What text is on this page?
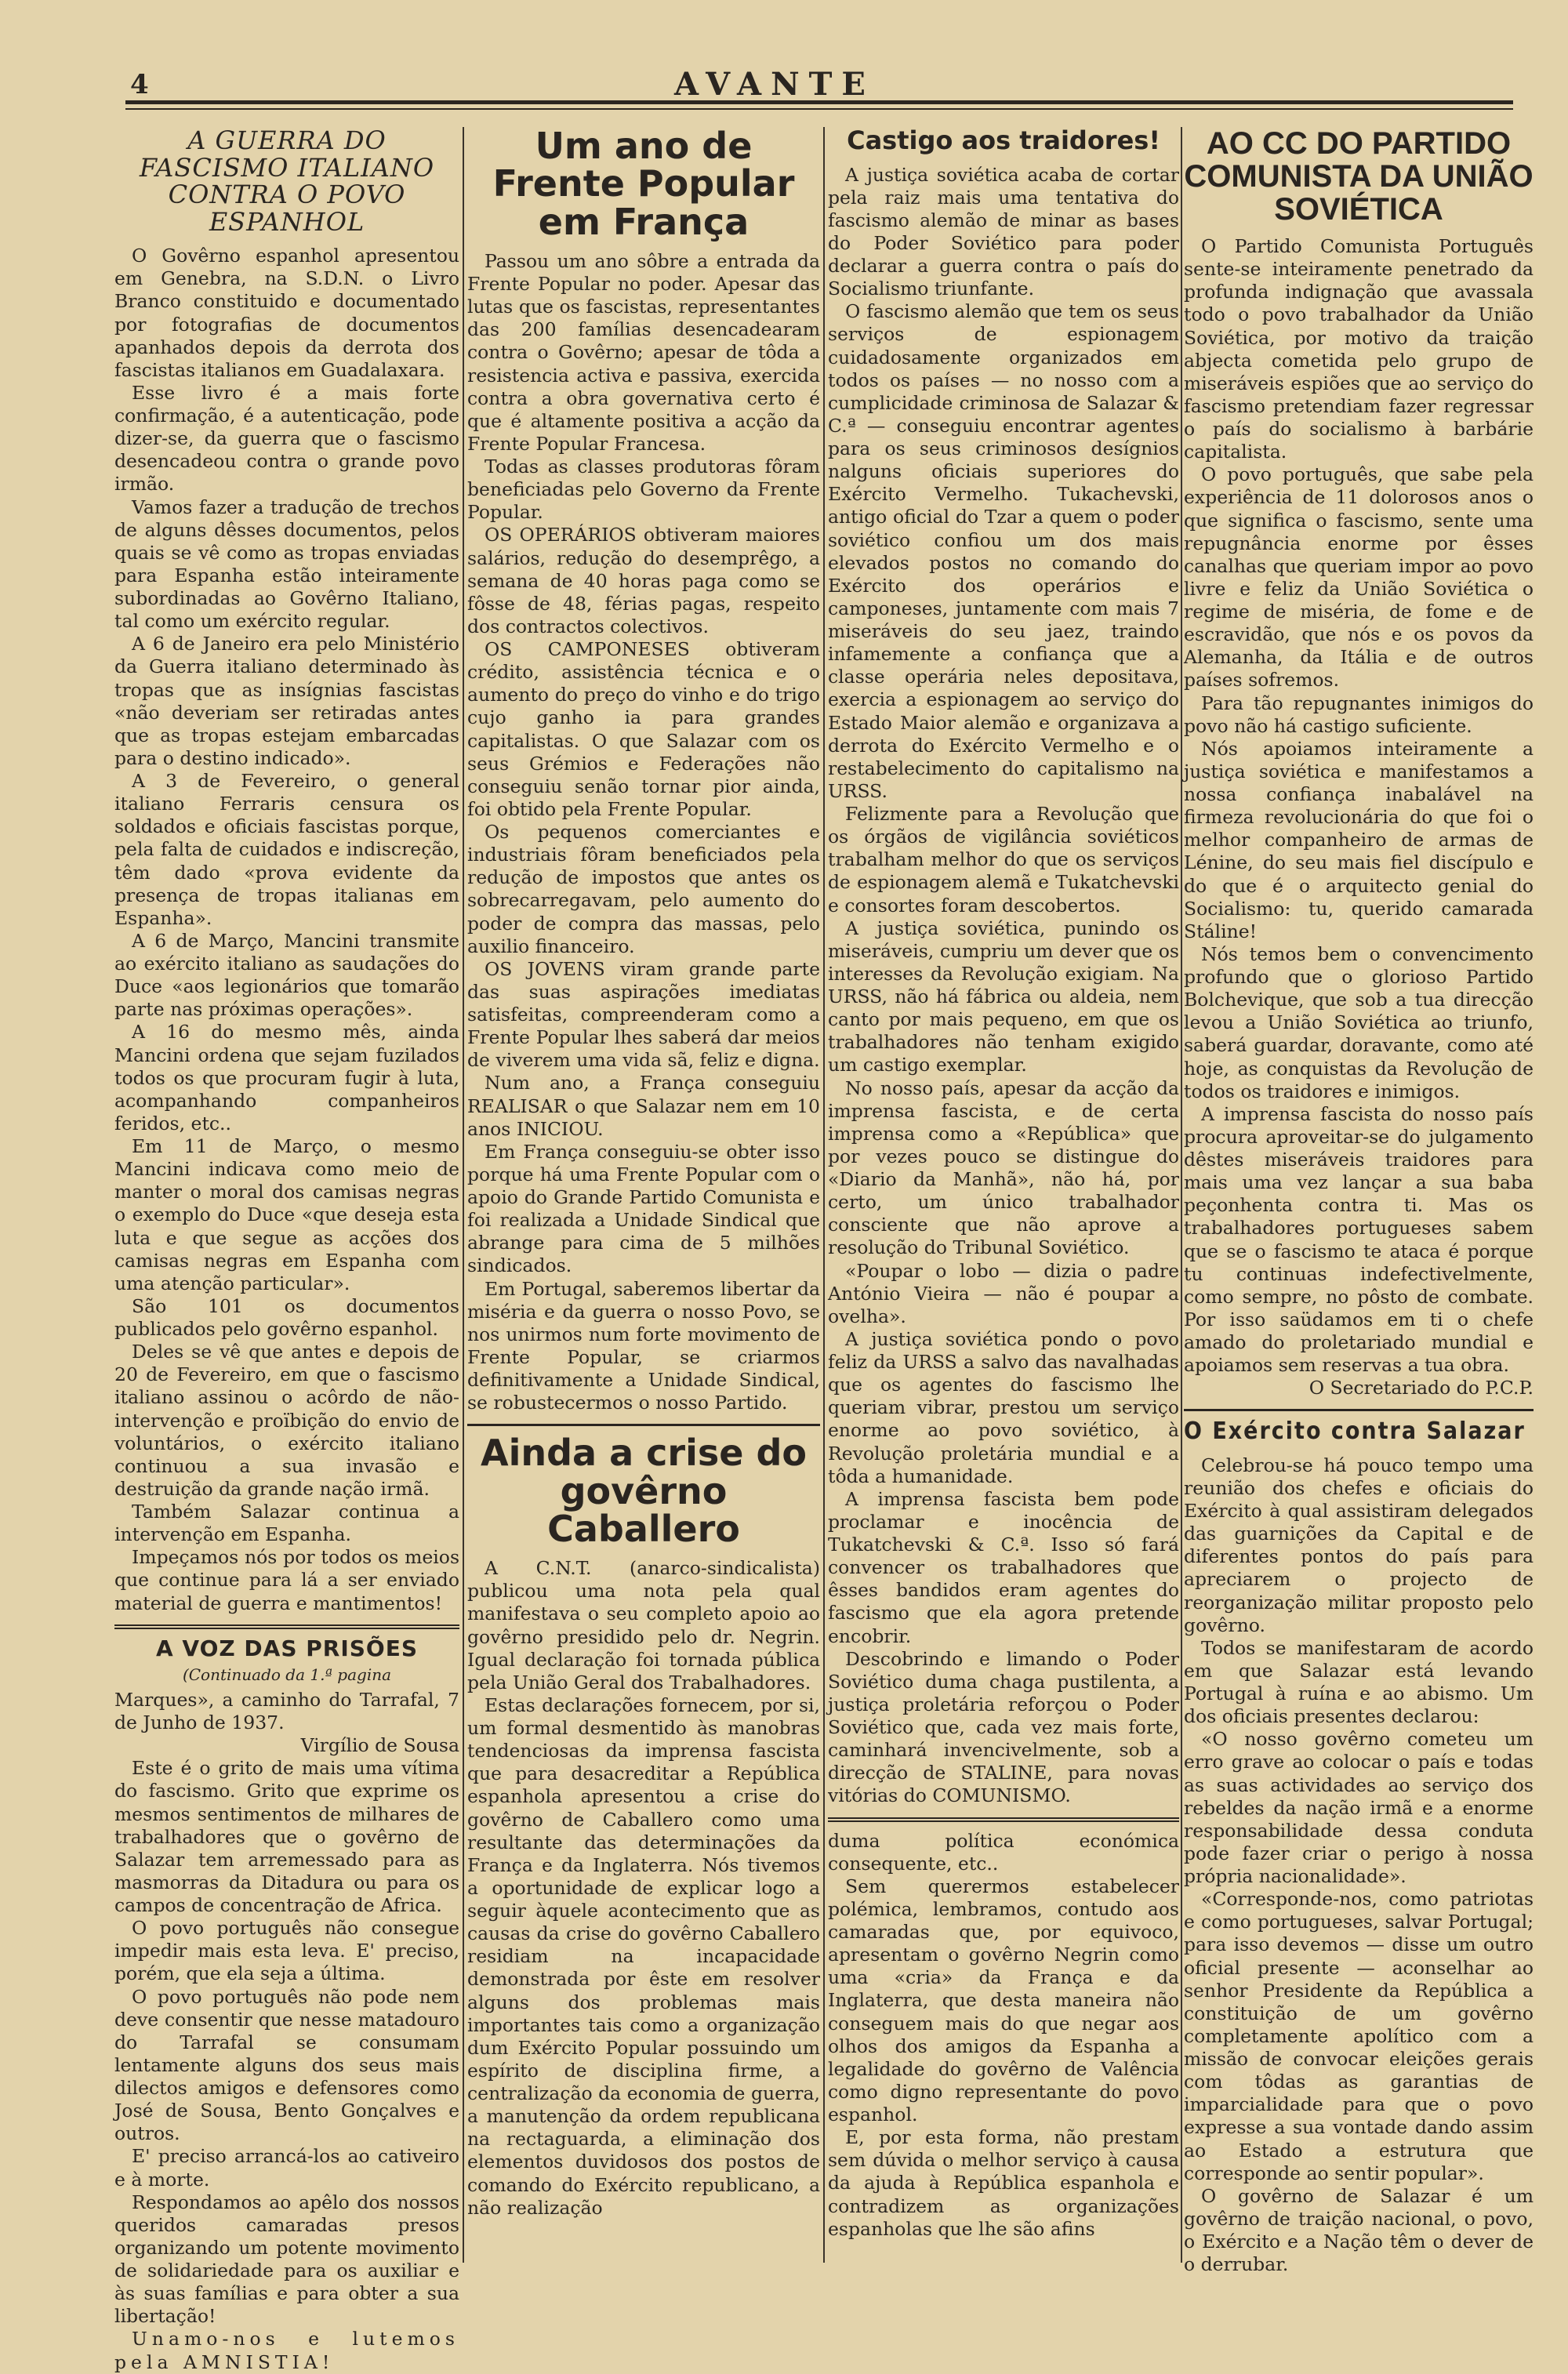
4	AVANTE
A GUERRA DO FASCISMO ITALIANO CONTRA O POVO ESPANHOL

O Govêrno espanhol apresentou em Genebra, na S.D.N. o Livro Branco constituido e documentado por fotografias de documentos apanhados depois da derrota dos fascistas italianos em Guadalaxara.

Esse livro é a mais forte confirmação, é a autenticação, pode dizer-se, da guerra que o fascismo desencadeou contra o grande povo irmão.

Vamos fazer a tradução de trechos de alguns dêsses documentos, pelos quais se vê como as tropas enviadas para Espanha estão inteiramente subordinadas ao Govêrno Italiano, tal como um exército regular.

A 6 de Janeiro era pelo Ministério da Guerra italiano determinado às tropas que as insígnias fascistas «não deveriam ser retiradas antes que as tropas estejam embarcadas para o destino indicado».

A 3 de Fevereiro, o general italiano Ferraris censura os soldados e oficiais fascistas porque, pela falta de cuidados e indiscreção, têm dado «prova evidente da presença de tropas italianas em Espanha».

A 6 de Março, Mancini transmite ao exército italiano as saudações do Duce «aos legionários que tomarão parte nas próximas operações».

A 16 do mesmo mês, ainda Mancini ordena que sejam fuzilados todos os que procuram fugir à luta, acompanhando companheiros feridos, etc..

Em 11 de Março, o mesmo Mancini indicava como meio de manter o moral dos camisas negras o exemplo do Duce «que deseja esta luta e que segue as acções dos camisas negras em Espanha com uma atenção particular».

São 101 os documentos publicados pelo govêrno espanhol.

Deles se vê que antes e depois de 20 de Fevereiro, em que o fascismo italiano assinou o acôrdo de não-intervenção e proïbição do envio de voluntários, o exército italiano continuou a sua invasão e destruição da grande nação irmã.

Também Salazar continua a intervenção em Espanha.

Impeçamos nós por todos os meios que continue para lá a ser enviado material de guerra e mantimentos!

A VOZ DAS PRISÕES
(Continuado da 1.ª pagina

Marques», a caminho do Tarrafal, 7 de Junho de 1937.

Virgílio de Sousa

Este é o grito de mais uma vítima do fascismo. Grito que exprime os mesmos sentimentos de milhares de trabalhadores que o govêrno de Salazar tem arremessado para as masmorras da Ditadura ou para os campos de concentração de Africa.

O povo português não consegue impedir mais esta leva. E' preciso, porém, que ela seja a última.

O povo português não pode nem deve consentir que nesse matadouro do Tarrafal se consumam lentamente alguns dos seus mais dilectos amigos e defensores como José de Sousa, Bento Gonçalves e outros.

E' preciso arrancá-los ao cativeiro e à morte.

Respondamos ao apêlo dos nossos queridos camaradas presos organizando um potente movimento de solidariedade para os auxiliar e às suas famílias e para obter a sua libertação!

Unamo-nos e lutemos pela AMNISTIA!

Um ano de Frente Popular em França

Passou um ano sôbre a entrada da Frente Popular no poder. Apesar das lutas que os fascistas, representantes das 200 famílias desencadearam contra o Govêrno; apesar de tôda a resistencia activa e passiva, exercida contra a obra governativa certo é que é altamente positiva a acção da Frente Popular Francesa.

Todas as classes produtoras fôram beneficiadas pelo Governo da Frente Popular.

OS OPERÁRIOS obtiveram maiores salários, redução do desemprêgo, a semana de 40 horas paga como se fôsse de 48, férias pagas, respeito dos contractos colectivos.

OS CAMPONESES obtiveram crédito, assistência técnica e o aumento do preço do vinho e do trigo cujo ganho ia para grandes capitalistas. O que Salazar com os seus Grémios e Federações não conseguiu senão tornar pior ainda, foi obtido pela Frente Popular.

Os pequenos comerciantes e industriais fôram beneficiados pela redução de impostos que antes os sobrecarregavam, pelo aumento do poder de compra das massas, pelo auxilio financeiro.

OS JOVENS viram grande parte das suas aspirações imediatas satisfeitas, compreenderam como a Frente Popular lhes saberá dar meios de viverem uma vida sã, feliz e digna.

Num ano, a França conseguiu REALISAR o que Salazar nem em 10 anos INICIOU.

Em França conseguiu-se obter isso porque há uma Frente Popular com o apoio do Grande Partido Comunista e foi realizada a Unidade Sindical que abrange para cima de 5 milhões sindicados.

Em Portugal, saberemos libertar da miséria e da guerra o nosso Povo, se nos unirmos num forte movimento de Frente Popular, se criarmos definitivamente a Unidade Sindical, se robustecermos o nosso Partido.

Ainda a crise do govêrno Caballero

A C.N.T. (anarco-sindicalista) publicou uma nota pela qual manifestava o seu completo apoio ao govêrno presidido pelo dr. Negrin. Igual declaração foi tornada pública pela União Geral dos Trabalhadores.

Estas declarações fornecem, por si, um formal desmentido às manobras tendenciosas da imprensa fascista que para desacreditar a República espanhola apresentou a crise do govêrno de Caballero como uma resultante das determinações da França e da Inglaterra. Nós tivemos a oportunidade de explicar logo a seguir àquele acontecimento que as causas da crise do govêrno Caballero residiam na incapacidade demonstrada por êste em resolver alguns dos problemas mais importantes tais como a organização dum Exército Popular possuindo um espírito de disciplina firme, a centralização da economia de guerra, a manutenção da ordem republicana na rectaguarda, a eliminação dos elementos duvidosos dos postos de comando do Exército republicano, a não realização

Castigo aos traidores!

A justiça soviética acaba de cortar pela raiz mais uma tentativa do fascismo alemão de minar as bases do Poder Soviético para poder declarar a guerra contra o país do Socialismo triunfante.

O fascismo alemão que tem os seus serviços de espionagem cuidadosamente organizados em todos os países — no nosso com a cumplicidade criminosa de Salazar & C.ª — conseguiu encontrar agentes para os seus criminosos desígnios nalguns oficiais superiores do Exército Vermelho. Tukachevski, antigo oficial do Tzar a quem o poder soviético confiou um dos mais elevados postos no comando do Exército dos operários e camponeses, juntamente com mais 7 miseráveis do seu jaez, traindo infamemente a confiança que a classe operária neles depositava, exercia a espionagem ao serviço do Estado Maior alemão e organizava a derrota do Exército Vermelho e o restabelecimento do capitalismo na URSS.

Felizmente para a Revolução que os órgãos de vigilância soviéticos trabalham melhor do que os serviços de espionagem alemã e Tukatchevski e consortes foram descobertos.

A justiça soviética, punindo os miseráveis, cumpriu um dever que os interesses da Revolução exigiam. Na URSS, não há fábrica ou aldeia, nem canto por mais pequeno, em que os trabalhadores não tenham exigido um castigo exemplar.

No nosso país, apesar da acção da imprensa fascista, e de certa imprensa como a «República» que por vezes pouco se distingue do «Diario da Manhã», não há, por certo, um único trabalhador consciente que não aprove a resolução do Tribunal Soviético.

«Poupar o lobo — dizia o padre António Vieira — não é poupar a ovelha».

A justiça soviética pondo o povo feliz da URSS a salvo das navalhadas que os agentes do fascismo lhe queriam vibrar, prestou um serviço enorme ao povo soviético, à Revolução proletária mundial e a tôda a humanidade.

A imprensa fascista bem pode proclamar e inocência de Tukatchevski & C.ª. Isso só fará convencer os trabalhadores que êsses bandidos eram agentes do fascismo que ela agora pretende encobrir.

Descobrindo e limando o Poder Soviético duma chaga pustilenta, a justiça proletária reforçou o Poder Soviético que, cada vez mais forte, caminhará invencivelmente, sob a direcção de STALINE, para novas vitórias do COMUNISMO.

duma política económica consequente, etc..

Sem querermos estabelecer polémica, lembramos, contudo aos camaradas que, por equivoco, apresentam o govêrno Negrin como uma «cria» da França e da Inglaterra, que desta maneira não conseguem mais do que negar aos olhos dos amigos da Espanha a legalidade do govêrno de Valência como digno representante do povo espanhol.

E, por esta forma, não prestam sem dúvida o melhor serviço à causa da ajuda à República espanhola e contradizem as organizações espanholas que lhe são afins

AO CC DO PARTIDO COMUNISTA DA UNIÃO SOVIÉTICA

O Partido Comunista Português sente-se inteiramente penetrado da profunda indignação que avassala todo o povo trabalhador da União Soviética, por motivo da traição abjecta cometida pelo grupo de miseráveis espiões que ao serviço do fascismo pretendiam fazer regressar o país do socialismo à barbárie capitalista.

O povo português, que sabe pela experiência de 11 dolorosos anos o que significa o fascismo, sente uma repugnância enorme por êsses canalhas que queriam impor ao povo livre e feliz da União Soviética o regime de miséria, de fome e de escravidão, que nós e os povos da Alemanha, da Itália e de outros países sofremos.

Para tão repugnantes inimigos do povo não há castigo suficiente.

Nós apoiamos inteiramente a justiça soviética e manifestamos a nossa confiança inabalável na firmeza revolucionária do que foi o melhor companheiro de armas de Lénine, do seu mais fiel discípulo e do que é o arquitecto genial do Socialismo: tu, querido camarada Stáline!

Nós temos bem o convencimento profundo que o glorioso Partido Bolchevique, que sob a tua direcção levou a União Soviética ao triunfo, saberá guardar, doravante, como até hoje, as conquistas da Revolução de todos os traidores e inimigos.

A imprensa fascista do nosso país procura aproveitar-se do julgamento dêstes miseráveis traidores para mais uma vez lançar a sua baba peçonhenta contra ti. Mas os trabalhadores portugueses sabem que se o fascismo te ataca é porque tu continuas indefectivelmente, como sempre, no pôsto de combate. Por isso saüdamos em ti o chefe amado do proletariado mundial e apoiamos sem reservas a tua obra.

O Secretariado do P.C.P.

O Exército contra Salazar

Celebrou-se há pouco tempo uma reunião dos chefes e oficiais do Exército à qual assistiram delegados das guarnições da Capital e de diferentes pontos do país para apreciarem o projecto de reorganização militar proposto pelo govêrno.

Todos se manifestaram de acordo em que Salazar está levando Portugal à ruína e ao abismo. Um dos oficiais presentes declarou:

«O nosso govêrno cometeu um erro grave ao colocar o país e todas as suas actividades ao serviço dos rebeldes da nação irmã e a enorme responsabilidade dessa conduta pode fazer criar o perigo à nossa própria nacionalidade».

«Corresponde-nos, como patriotas e como portugueses, salvar Portugal; para isso devemos — disse um outro oficial presente — aconselhar ao senhor Presidente da República a constituição de um govêrno completamente apolítico com a missão de convocar eleições gerais com tôdas as garantias de imparcialidade para que o povo expresse a sua vontade dando assim ao Estado a estrutura que corresponde ao sentir popular».

O govêrno de Salazar é um govêrno de traição nacional, o povo, o Exército e a Nação têm o dever de o derrubar.
